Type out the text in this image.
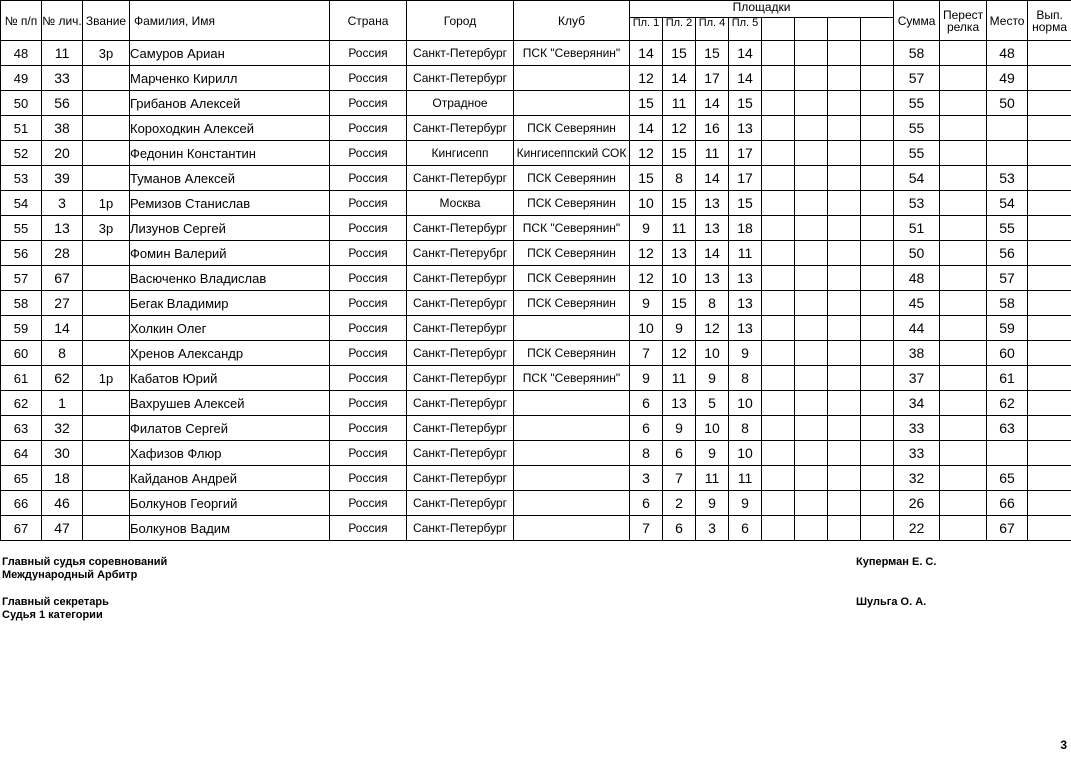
№ п/п	№ лич.	Звание	Фамилия, Имя	Страна	Город	Клуб	Площадки								Сумма	Перест релка	Место	Вып. норма

							Пл. 1	Пл. 2	Пл. 4	Пл. 5								

48	11	3р	Самуров Ариан	Россия	Санкт-Петербург	ПСК "Северянин"	14	15	15	14					58		48	
49	33		Марченко Кирилл	Россия	Санкт-Петербург		12	14	17	14					57		49	
50	56		Грибанов Алексей	Россия	Отрадное		15	11	14	15					55		50	
51	38		Короходкин Алексей	Россия	Санкт-Петербург	ПСК Северянин	14	12	16	13					55			
52	20		Федонин Константин	Россия	Кингисепп	Кингисеппский СОК	12	15	11	17					55			
53	39		Туманов Алексей	Россия	Санкт-Петербург	ПСК Северянин	15	8	14	17					54		53	
54	3	1р	Ремизов Станислав	Россия	Москва	ПСК Северянин	10	15	13	15					53		54	
55	13	3р	Лизунов Сергей	Россия	Санкт-Петербург	ПСК "Северянин"	9	11	13	18					51		55	
56	28		Фомин Валерий	Россия	Санкт-Петерубрг	ПСК Северянин	12	13	14	11					50		56	
57	67		Васюченко Владислав	Россия	Санкт-Петербург	ПСК Северянин	12	10	13	13					48		57	
58	27		Бегак Владимир	Россия	Санкт-Петербург	ПСК Северянин	9	15	8	13					45		58	
59	14		Холкин Олег	Россия	Санкт-Петербург		10	9	12	13					44		59	
60	8		Хренов Александр	Россия	Санкт-Петербург	ПСК Северянин	7	12	10	9					38		60	
61	62	1р	Кабатов Юрий	Россия	Санкт-Петербург	ПСК "Северянин"	9	11	9	8					37		61	
62	1		Вахрушев Алексей	Россия	Санкт-Петербург		6	13	5	10					34		62	
63	32		Филатов Сергей	Россия	Санкт-Петербург		6	9	10	8					33		63	
64	30		Хафизов Флюр	Россия	Санкт-Петербург		8	6	9	10					33			
65	18		Кайданов Андрей	Россия	Санкт-Петербург		3	7	11	11					32		65	
66	46		Болкунов Георгий	Россия	Санкт-Петербург		6	2	9	9					26		66	
67	47		Болкунов Вадим	Россия	Санкт-Петербург		7	6	3	6					22		67	
Главный судья соревнований
Международный Арбитр
Куперман Е. С.
Главный секретарь
Судья 1 категории
Шульга О. А.
3
